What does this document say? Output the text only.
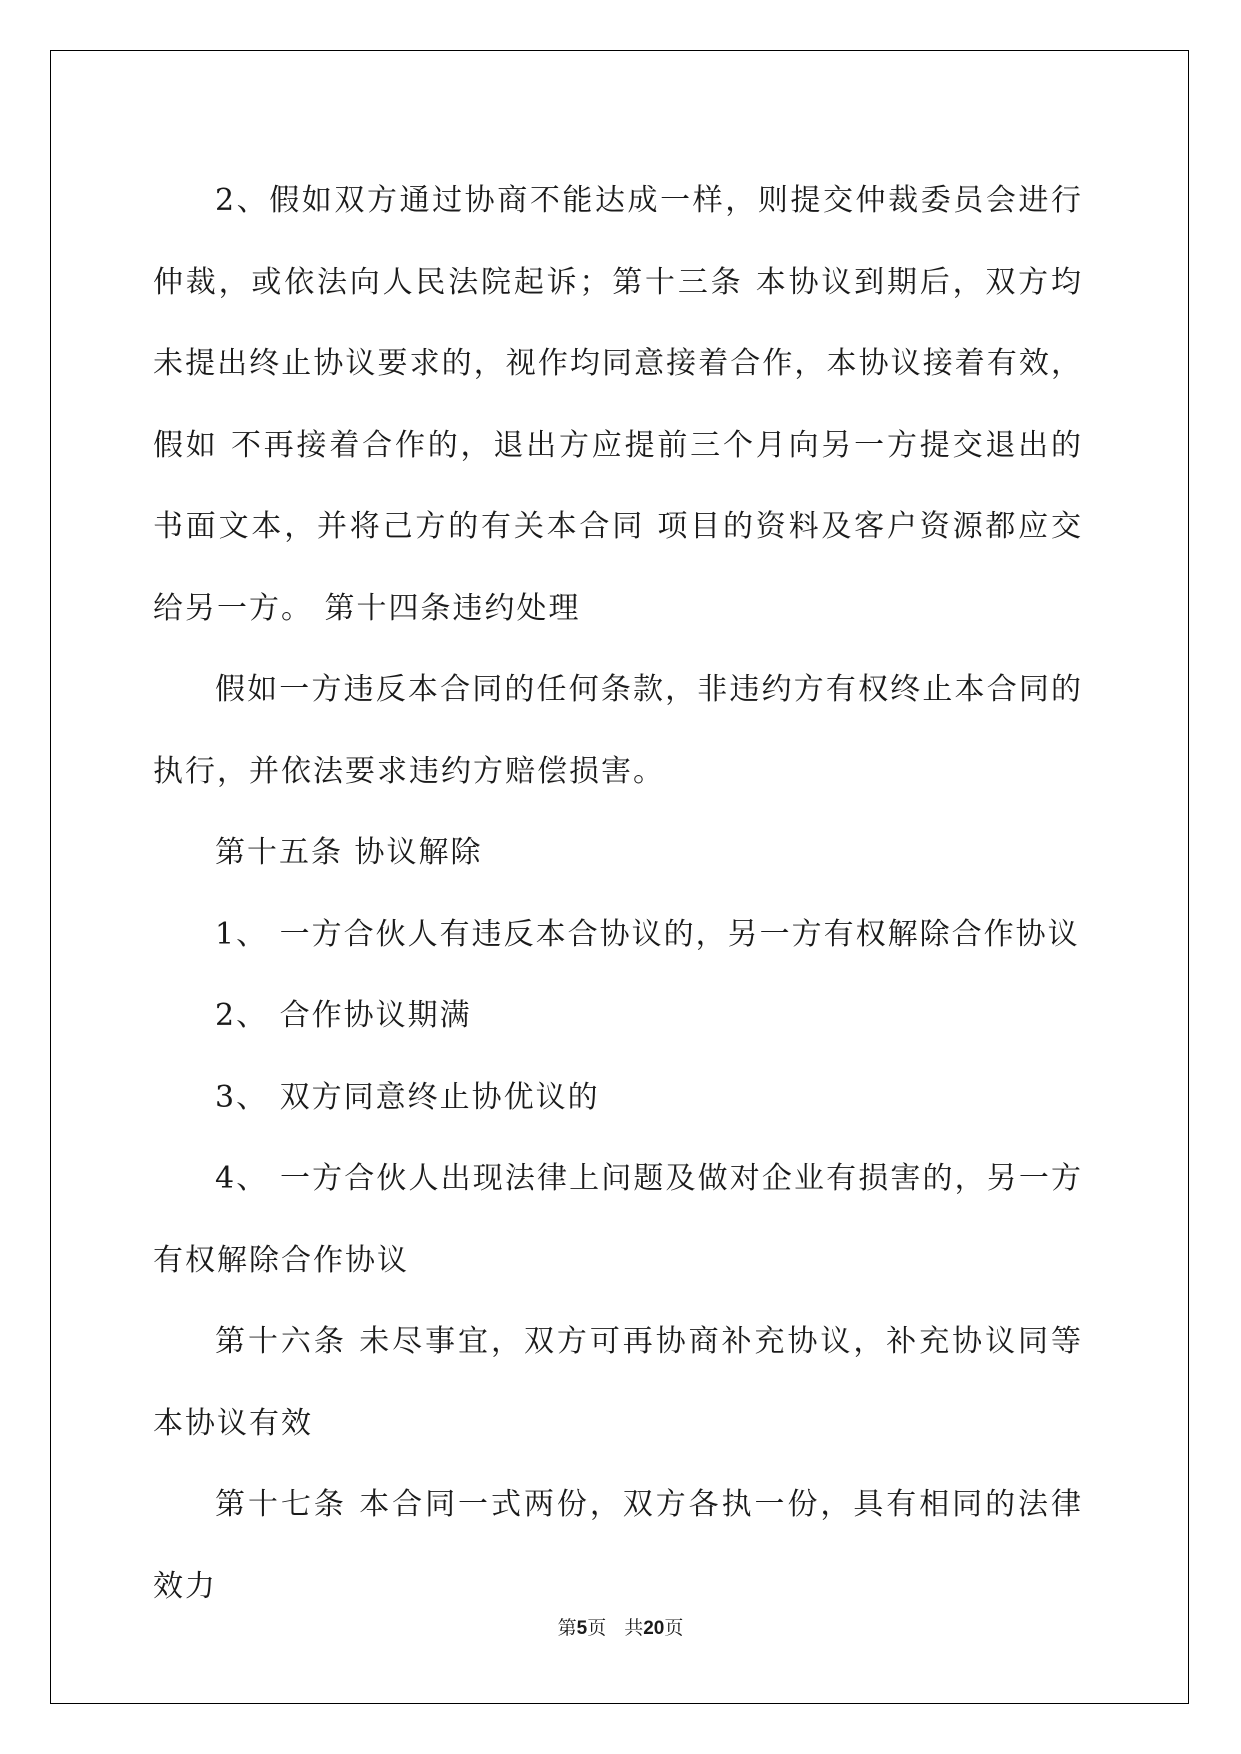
2、假如双方通过协商不能达成一样，则提交仲裁委员会进行仲裁，或依法向人民法院起诉；第十三条 本协议到期后，双方均未提出终止协议要求的，视作均同意接着合作，本协议接着有效，假如 不再接着合作的，退出方应提前三个月向另一方提交退出的书面文本，并将己方的有关本合同 项目的资料及客户资源都应交给另一方。 第十四条违约处理

假如一方违反本合同的任何条款，非违约方有权终止本合同的执行，并依法要求违约方赔偿损害。

第十五条 协议解除

1、 一方合伙人有违反本合协议的，另一方有权解除合作协议

2、 合作协议期满

3、 双方同意终止协优议的

4、 一方合伙人出现法律上问题及做对企业有损害的，另一方有权解除合作协议

第十六条 未尽事宜，双方可再协商补充协议，补充协议同等本协议有效

第十七条 本合同一式两份，双方各执一份，具有相同的法律效力

第5页 共20页
